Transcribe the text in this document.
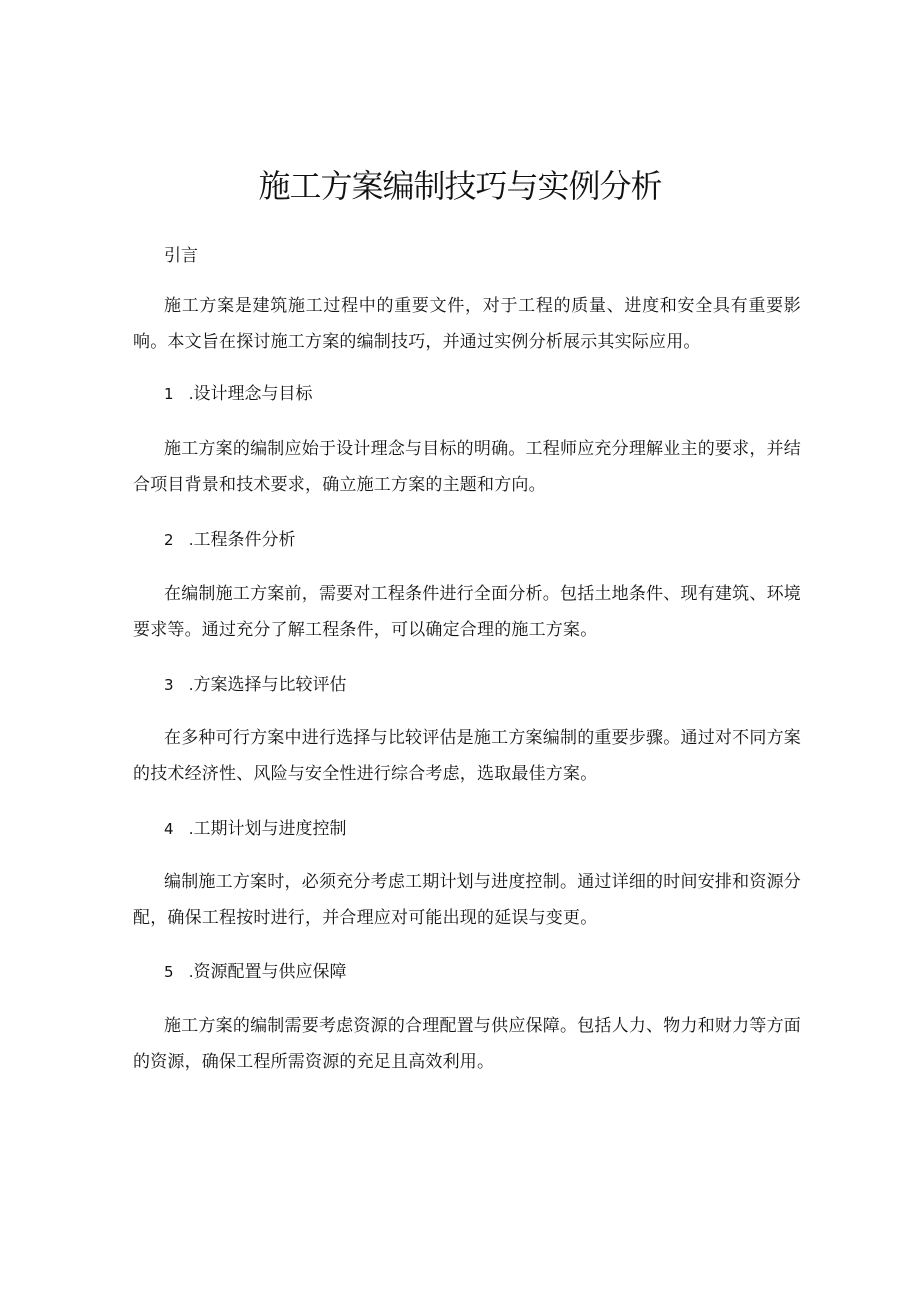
施工方案编制技巧与实例分析
引言

施工方案是建筑施工过程中的重要文件，对于工程的质量、进度和安全具有重要影响。本文旨在探讨施工方案的编制技巧，并通过实例分析展示其实际应用。

1 .设计理念与目标

施工方案的编制应始于设计理念与目标的明确。工程师应充分理解业主的要求，并结合项目背景和技术要求，确立施工方案的主题和方向。

2 .工程条件分析

在编制施工方案前，需要对工程条件进行全面分析。包括土地条件、现有建筑、环境要求等。通过充分了解工程条件，可以确定合理的施工方案。

3 .方案选择与比较评估

在多种可行方案中进行选择与比较评估是施工方案编制的重要步骤。通过对不同方案的技术经济性、风险与安全性进行综合考虑，选取最佳方案。

4 .工期计划与进度控制

编制施工方案时，必须充分考虑工期计划与进度控制。通过详细的时间安排和资源分配，确保工程按时进行，并合理应对可能出现的延误与变更。

5 .资源配置与供应保障

施工方案的编制需要考虑资源的合理配置与供应保障。包括人力、物力和财力等方面的资源，确保工程所需资源的充足且高效利用。
